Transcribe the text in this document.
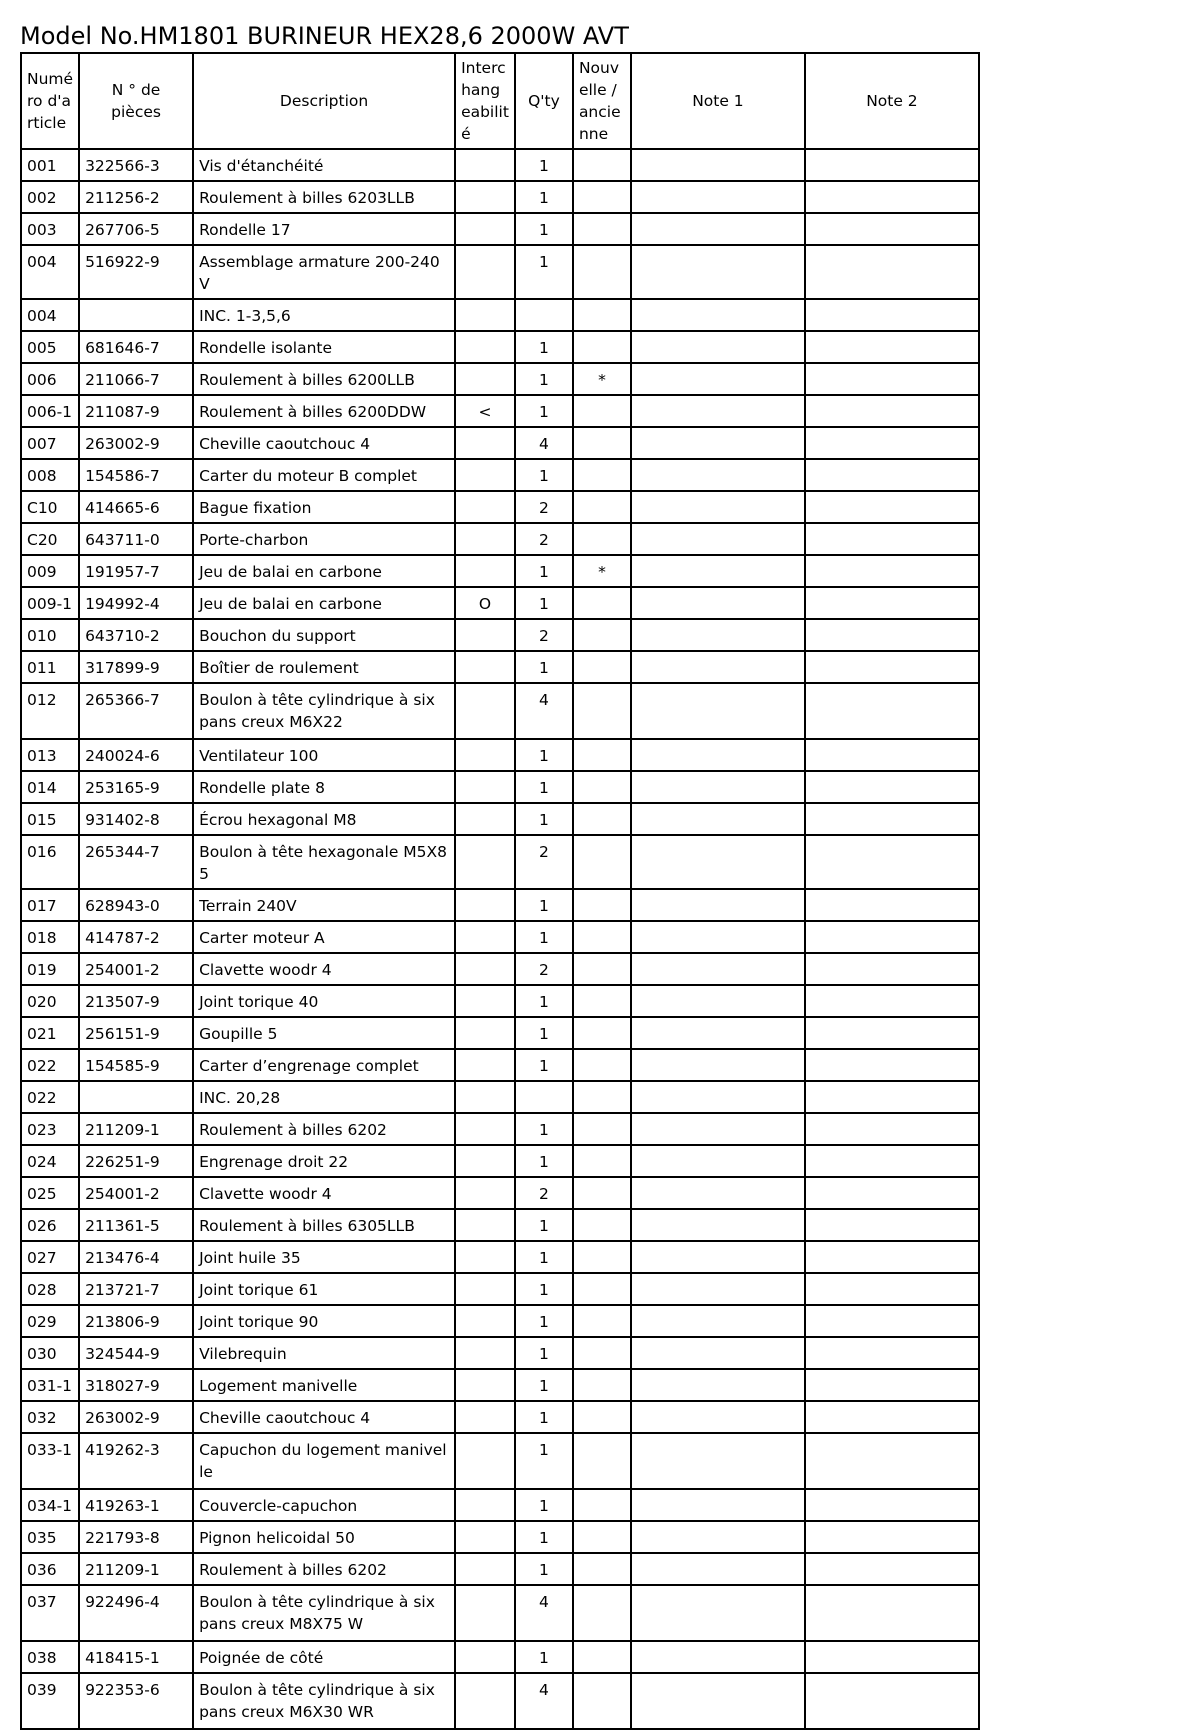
Model No.HM1801 BURINEUR HEX28,6 2000W AVT
Numé ro d'a rticle	N ° de pièces	Description	Interc hang eabilit é	Q'ty	Nouv elle / ancie nne	Note 1	Note 2
001	322566-3	Vis d'étanchéité		1			
002	211256-2	Roulement à billes 6203LLB		1			
003	267706-5	Rondelle 17		1			
004	516922-9	Assemblage armature 200-240V		1			
004		INC. 1-3,5,6					
005	681646-7	Rondelle isolante		1			
006	211066-7	Roulement à billes 6200LLB		1	*		
006-1	211087-9	Roulement à billes 6200DDW	<	1			
007	263002-9	Cheville caoutchouc 4		4			
008	154586-7	Carter du moteur B complet		1			
C10	414665-6	Bague fixation		2			
C20	643711-0	Porte-charbon		2			
009	191957-7	Jeu de balai en carbone		1	*		
009-1	194992-4	Jeu de balai en carbone	O	1			
010	643710-2	Bouchon du support		2			
011	317899-9	Boîtier de roulement		1			
012	265366-7	Boulon à tête cylindrique à six pans creux M6X22		4			
013	240024-6	Ventilateur 100		1			
014	253165-9	Rondelle plate 8		1			
015	931402-8	Écrou hexagonal M8		1			
016	265344-7	Boulon à tête hexagonale M5X85		2			
017	628943-0	Terrain 240V		1			
018	414787-2	Carter moteur A		1			
019	254001-2	Clavette woodr 4		2			
020	213507-9	Joint torique 40		1			
021	256151-9	Goupille 5		1			
022	154585-9	Carter d’engrenage complet		1			
022		INC. 20,28					
023	211209-1	Roulement à billes 6202		1			
024	226251-9	Engrenage droit 22		1			
025	254001-2	Clavette woodr 4		2			
026	211361-5	Roulement à billes 6305LLB		1			
027	213476-4	Joint huile 35		1			
028	213721-7	Joint torique 61		1			
029	213806-9	Joint torique 90		1			
030	324544-9	Vilebrequin		1			
031-1	318027-9	Logement manivelle		1			
032	263002-9	Cheville caoutchouc 4		1			
033-1	419262-3	Capuchon du logement manivelle		1			
034-1	419263-1	Couvercle-capuchon		1			
035	221793-8	Pignon helicoidal 50		1			
036	211209-1	Roulement à billes 6202		1			
037	922496-4	Boulon à tête cylindrique à six pans creux M8X75 W		4			
038	418415-1	Poignée de côté		1			
039	922353-6	Boulon à tête cylindrique à six pans creux M6X30 WR		4			
